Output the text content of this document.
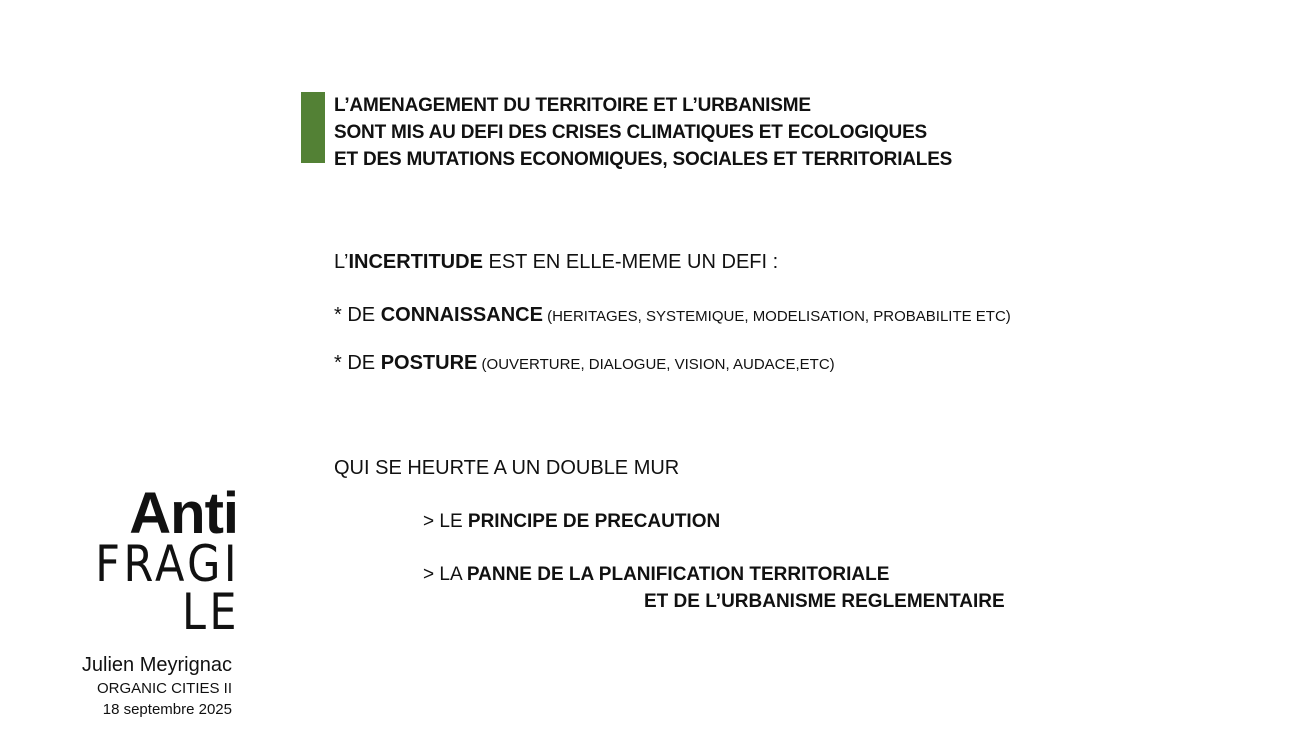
L’AMENAGEMENT DU TERRITOIRE ET L’URBANISME
SONT MIS AU DEFI DES CRISES CLIMATIQUES ET ECOLOGIQUES
ET DES MUTATIONS ECONOMIQUES, SOCIALES ET TERRITORIALES
L’INCERTITUDE EST EN ELLE-MEME UN DEFI :
* DE CONNAISSANCE (HERITAGES, SYSTEMIQUE, MODELISATION, PROBABILITE ETC)
* DE POSTURE (OUVERTURE, DIALOGUE, VISION, AUDACE,ETC)
QUI SE HEURTE A UN DOUBLE MUR
> LE PRINCIPE DE PRECAUTION
> LA PANNE DE LA PLANIFICATION TERRITORIALE
ET DE L’URBANISME REGLEMENTAIRE
Anti
FRAGI
LE
Julien Meyrignac
ORGANIC CITIES II
18 septembre 2025
